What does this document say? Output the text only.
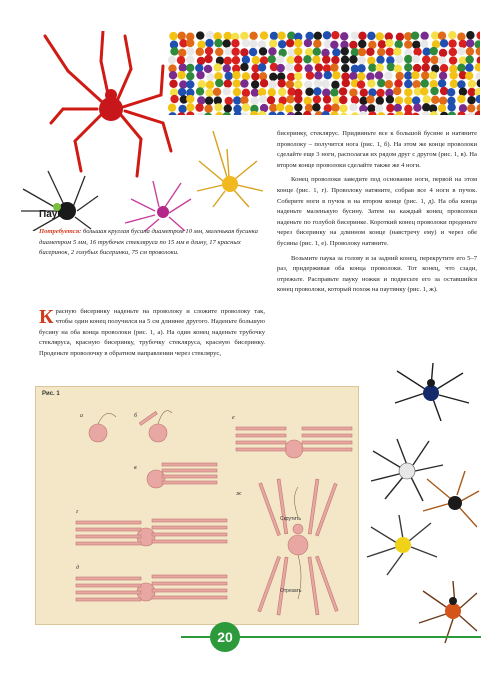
Паук
Потребуется: большая круглая бусина диаметром 10 мм, маленькая бусинка диаметром 5 мм, 16 трубочек стекляруса по 15 мм в длину, 17 красных бисеринок, 2 голубых бисеринки, 75 см проволоки.
Красную бисеринку наденьте на проволоку и сложите проволоку так, чтобы один конец получился на 5 см длиннее другого. Наденьте большую бусину на оба конца проволоки (рис. 1, а). На один конец наденьте трубочку стекляруса, красную бисеринку, трубочку стекляруса, красную бисеринку. Проденьте проволочку в обратном направлении через стеклярус,

бисеринку, стеклярус. Придвиньте все к большой бусине и натяните проволоку – получится нога (рис. 1, б). На этом же конце проволоки сделайте еще 3 ноги, располагая их рядом друг с другом (рис. 1, в). На втором конце проволоки сделайте также же 4 ноги.

Конец проволоки заведите под основание ноги, первой на этом конце (рис. 1, г). Проволоку натяните, собрав все 4 ноги в пучок. Соберите ноги в пучок и на втором конце (рис. 1, д). На оба конца наденьте маленькую бусину. Затем на каждый конец проволоки наденьте по голубой бисеринке. Короткий конец проволоки проденьте через бисеринку на длинном конце (навстречу ему) и через обе бусины (рис. 1, е). Проволоку натяните.

Возьмите паука за голову и за задний конец, перекрутите его 5–7 раз, придерживая оба конца проволоки. Тот конец, что сзади, отрежьте. Расправьте пауку ножки и подвесьте его за оставшийся конец проволоки, который похож на паутинку (рис. 1, ж).

Рис. 1
а	б
в
г
д
е
ж
Скрутить
Отрезать
20
